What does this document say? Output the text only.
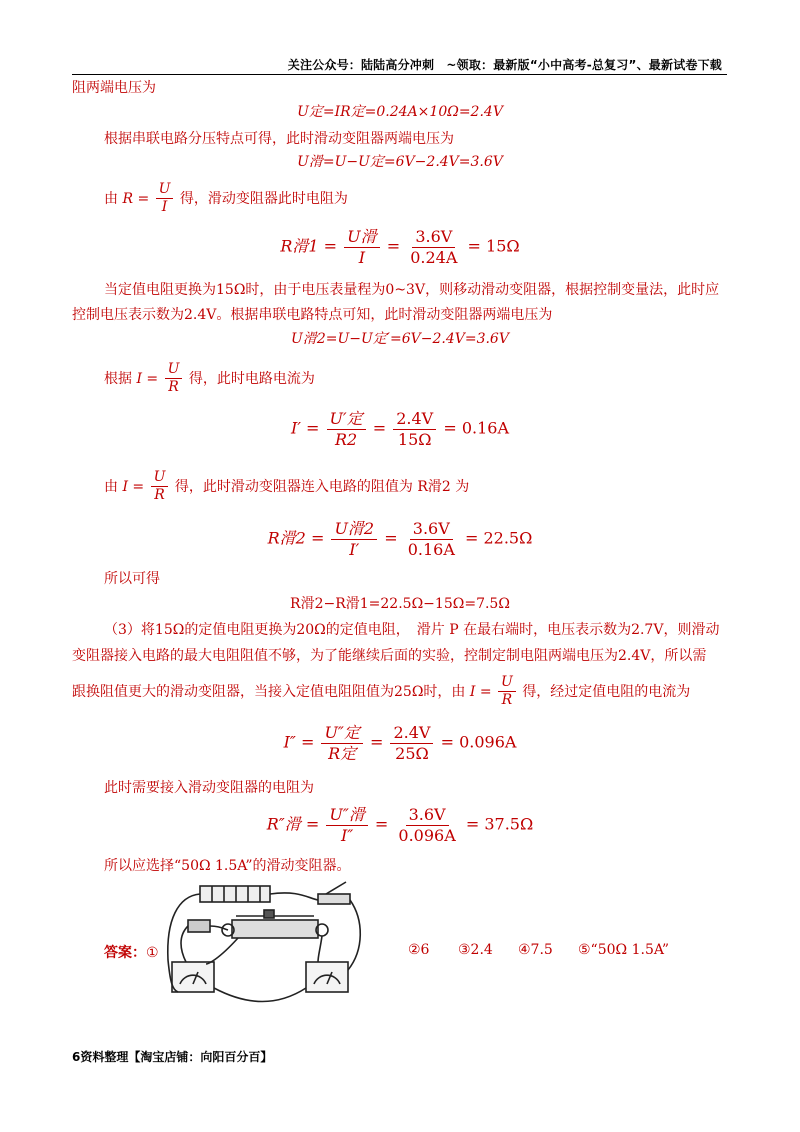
关注公众号：陆陆高分冲刺　~领取：最新版“小中高考-总复习”、最新试卷下载
阻两端电压为
U定=IR定=0.24A×10Ω=2.4V
根据串联电路分压特点可得，此时滑动变阻器两端电压为
U滑=U−U定=6V−2.4V=3.6V
由 $R = \frac{U}{I}$ 得，滑动变阻器此时电阻为
R滑$1 = \frac{\text{U滑}}{I} = \frac{3.6V}{0.24A} = 15\Omega$
当定值电阻更换为15Ω时，由于电压表量程为0~3V，则移动滑动变阻器，根据控制变量法，此时应
控制电压表示数为2.4V。根据串联电路特点可知，此时滑动变阻器两端电压为
U滑2=U−U定′=6V−2.4V=3.6V
根据 $I = \frac{U}{R}$ 得，此时电路电流为
$I' = \frac{\text{U′定}}{R2} = \frac{2.4V}{15\Omega} = 0.16A$
由 $I = \frac{U}{R}$ 得，此时滑动变阻器连入电路的阻值为 R滑2 为
R滑$2 = \frac{\text{U滑2}}{I'} = \frac{3.6V}{0.16A} = 22.5\Omega$
所以可得
R滑2−R滑1=22.5Ω−15Ω=7.5Ω
（3）将15Ω的定值电阻更换为20Ω的定值电阻，　滑片 P 在最右端时，电压表示数为2.7V，则滑动
变阻器接入电路的最大电阻阻值不够，为了能继续后面的实验，控制定制电阻两端电压为2.4V，所以需
跟换阻值更大的滑动变阻器，当接入定值电阻阻值为25Ω时，由 $I = \frac{U}{R}$ 得，经过定值电阻的电流为
$I'' = \frac{\text{U″定}}{\text{R定}} = \frac{2.4V}{25\Omega} = 0.096A$
此时需要接入滑动变阻器的电阻为
R″滑 = $\frac{\text{U″滑}}{I''} = \frac{3.6V}{0.096A} = 37.5\Omega$
所以应选择“50Ω 1.5A”的滑动变阻器。
答案：①	②6 ③2.4 ④7.5 ⑤“50Ω 1.5A”
6资料整理【淘宝店铺：向阳百分百】
